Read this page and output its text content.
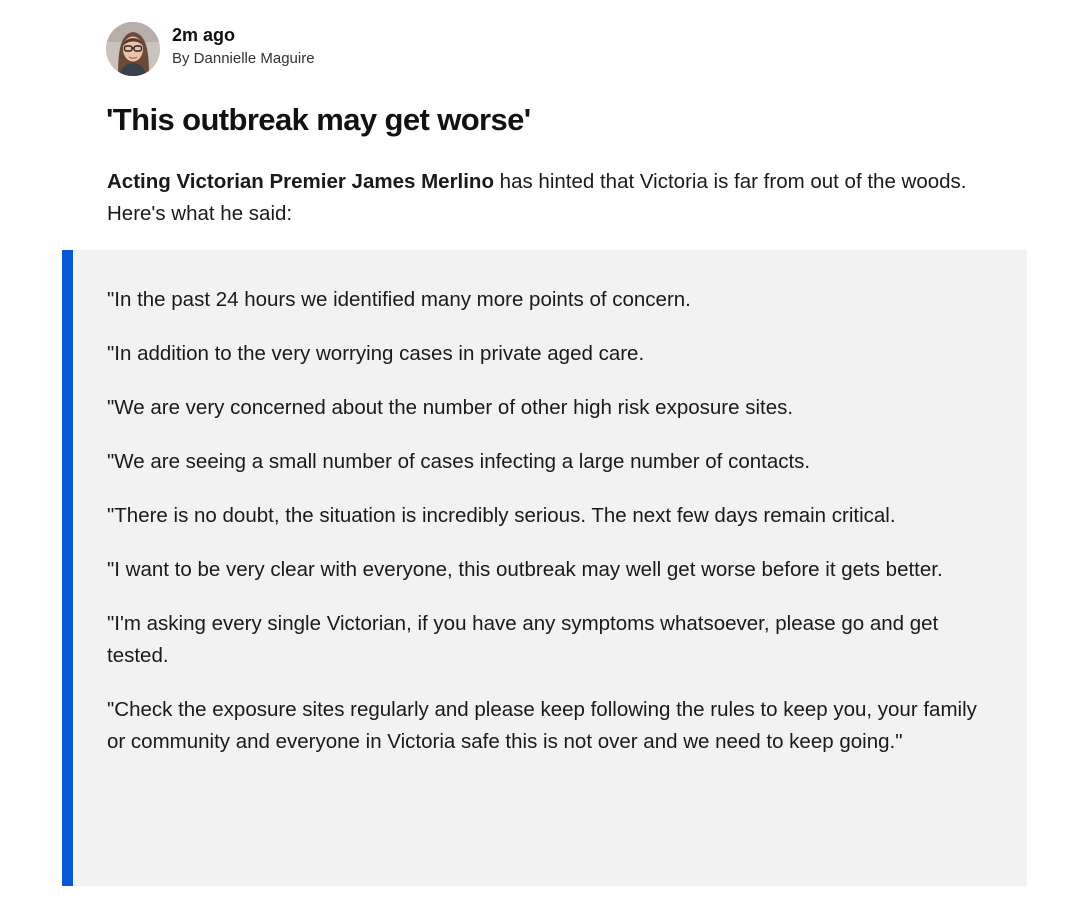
2m ago
By Dannielle Maguire
'This outbreak may get worse'

Acting Victorian Premier James Merlino has hinted that Victoria is far from out of the woods. Here's what he said:

"In the past 24 hours we identified many more points of concern.

"In addition to the very worrying cases in private aged care.

"We are very concerned about the number of other high risk exposure sites.

"We are seeing a small number of cases infecting a large number of contacts.

"There is no doubt, the situation is incredibly serious. The next few days remain critical.

"I want to be very clear with everyone, this outbreak may well get worse before it gets better.

"I'm asking every single Victorian, if you have any symptoms whatsoever, please go and get tested.

"Check the exposure sites regularly and please keep following the rules to keep you, your family or community and everyone in Victoria safe this is not over and we need to keep going."
